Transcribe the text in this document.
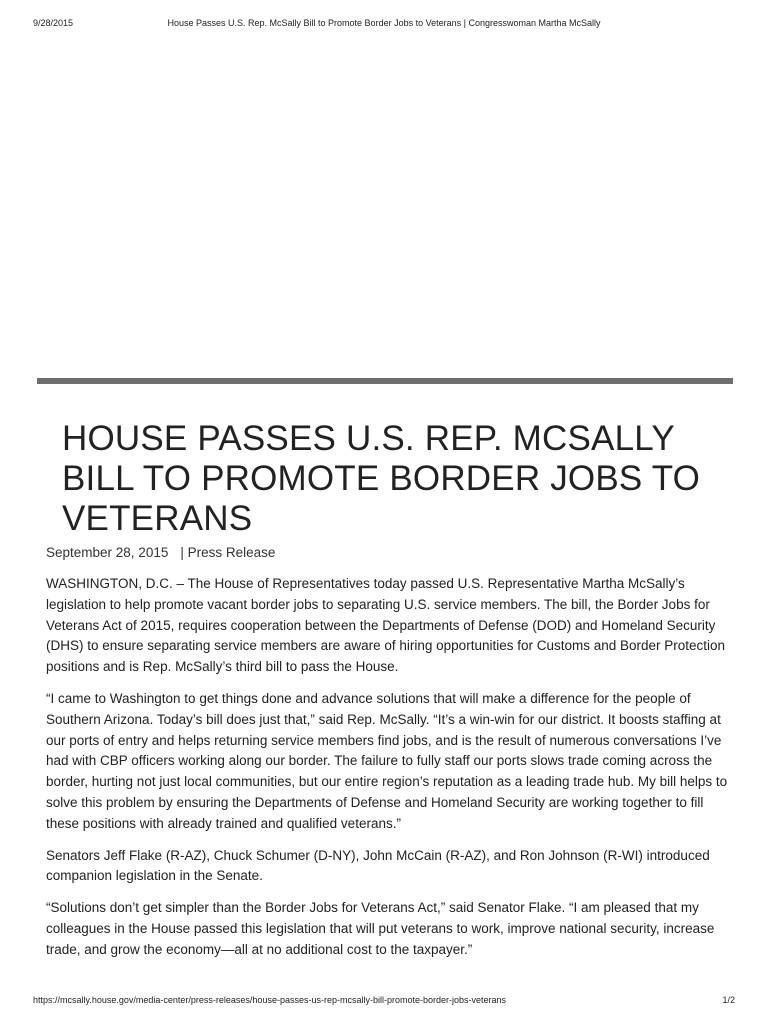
9/28/2015	House Passes U.S. Rep. McSally Bill to Promote Border Jobs to Veterans | Congresswoman Martha McSally
HOUSE PASSES U.S. REP. MCSALLY BILL TO PROMOTE BORDER JOBS TO VETERANS
September 28, 2015 | Press Release

WASHINGTON, D.C. – The House of Representatives today passed U.S. Representative Martha McSally’s legislation to help promote vacant border jobs to separating U.S. service members. The bill, the Border Jobs for Veterans Act of 2015, requires cooperation between the Departments of Defense (DOD) and Homeland Security (DHS) to ensure separating service members are aware of hiring opportunities for Customs and Border Protection positions and is Rep. McSally’s third bill to pass the House.

“I came to Washington to get things done and advance solutions that will make a difference for the people of Southern Arizona. Today’s bill does just that,” said Rep. McSally. “It’s a win-win for our district. It boosts staffing at our ports of entry and helps returning service members find jobs, and is the result of numerous conversations I’ve had with CBP officers working along our border. The failure to fully staff our ports slows trade coming across the border, hurting not just local communities, but our entire region’s reputation as a leading trade hub. My bill helps to solve this problem by ensuring the Departments of Defense and Homeland Security are working together to fill these positions with already trained and qualified veterans.”

Senators Jeff Flake (R-AZ), Chuck Schumer (D-NY), John McCain (R-AZ), and Ron Johnson (R-WI) introduced companion legislation in the Senate.

“Solutions don’t get simpler than the Border Jobs for Veterans Act,” said Senator Flake. “I am pleased that my colleagues in the House passed this legislation that will put veterans to work, improve national security, increase trade, and grow the economy—all at no additional cost to the taxpayer.”

https://mcsally.house.gov/media-center/press-releases/house-passes-us-rep-mcsally-bill-promote-border-jobs-veterans	1/2
